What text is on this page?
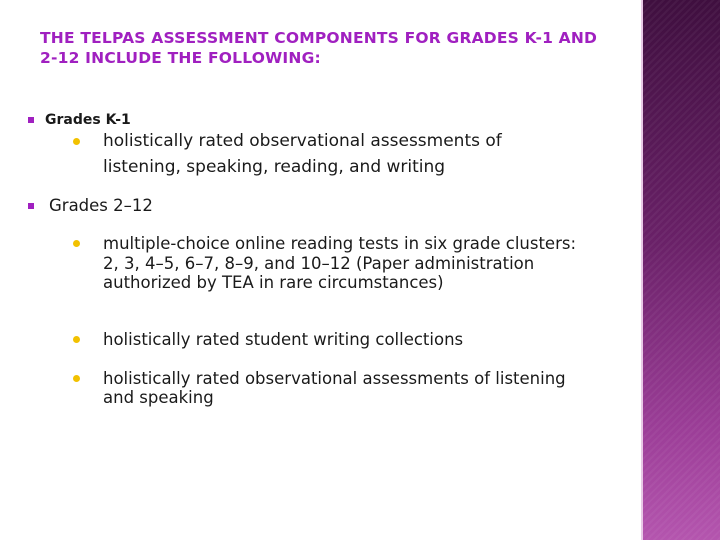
THE TELPAS ASSESSMENT COMPONENTS FOR GRADES K-1 AND
2-12 INCLUDE THE FOLLOWING:
Grades K-1
holistically rated observational assessments of
listening, speaking, reading, and writing
Grades 2–12
multiple-choice online reading tests in six grade clusters:
2, 3, 4–5, 6–7, 8–9, and 10–12 (Paper administration
authorized by TEA in rare circumstances)
holistically rated student writing collections
holistically rated observational assessments of listening
and speaking
